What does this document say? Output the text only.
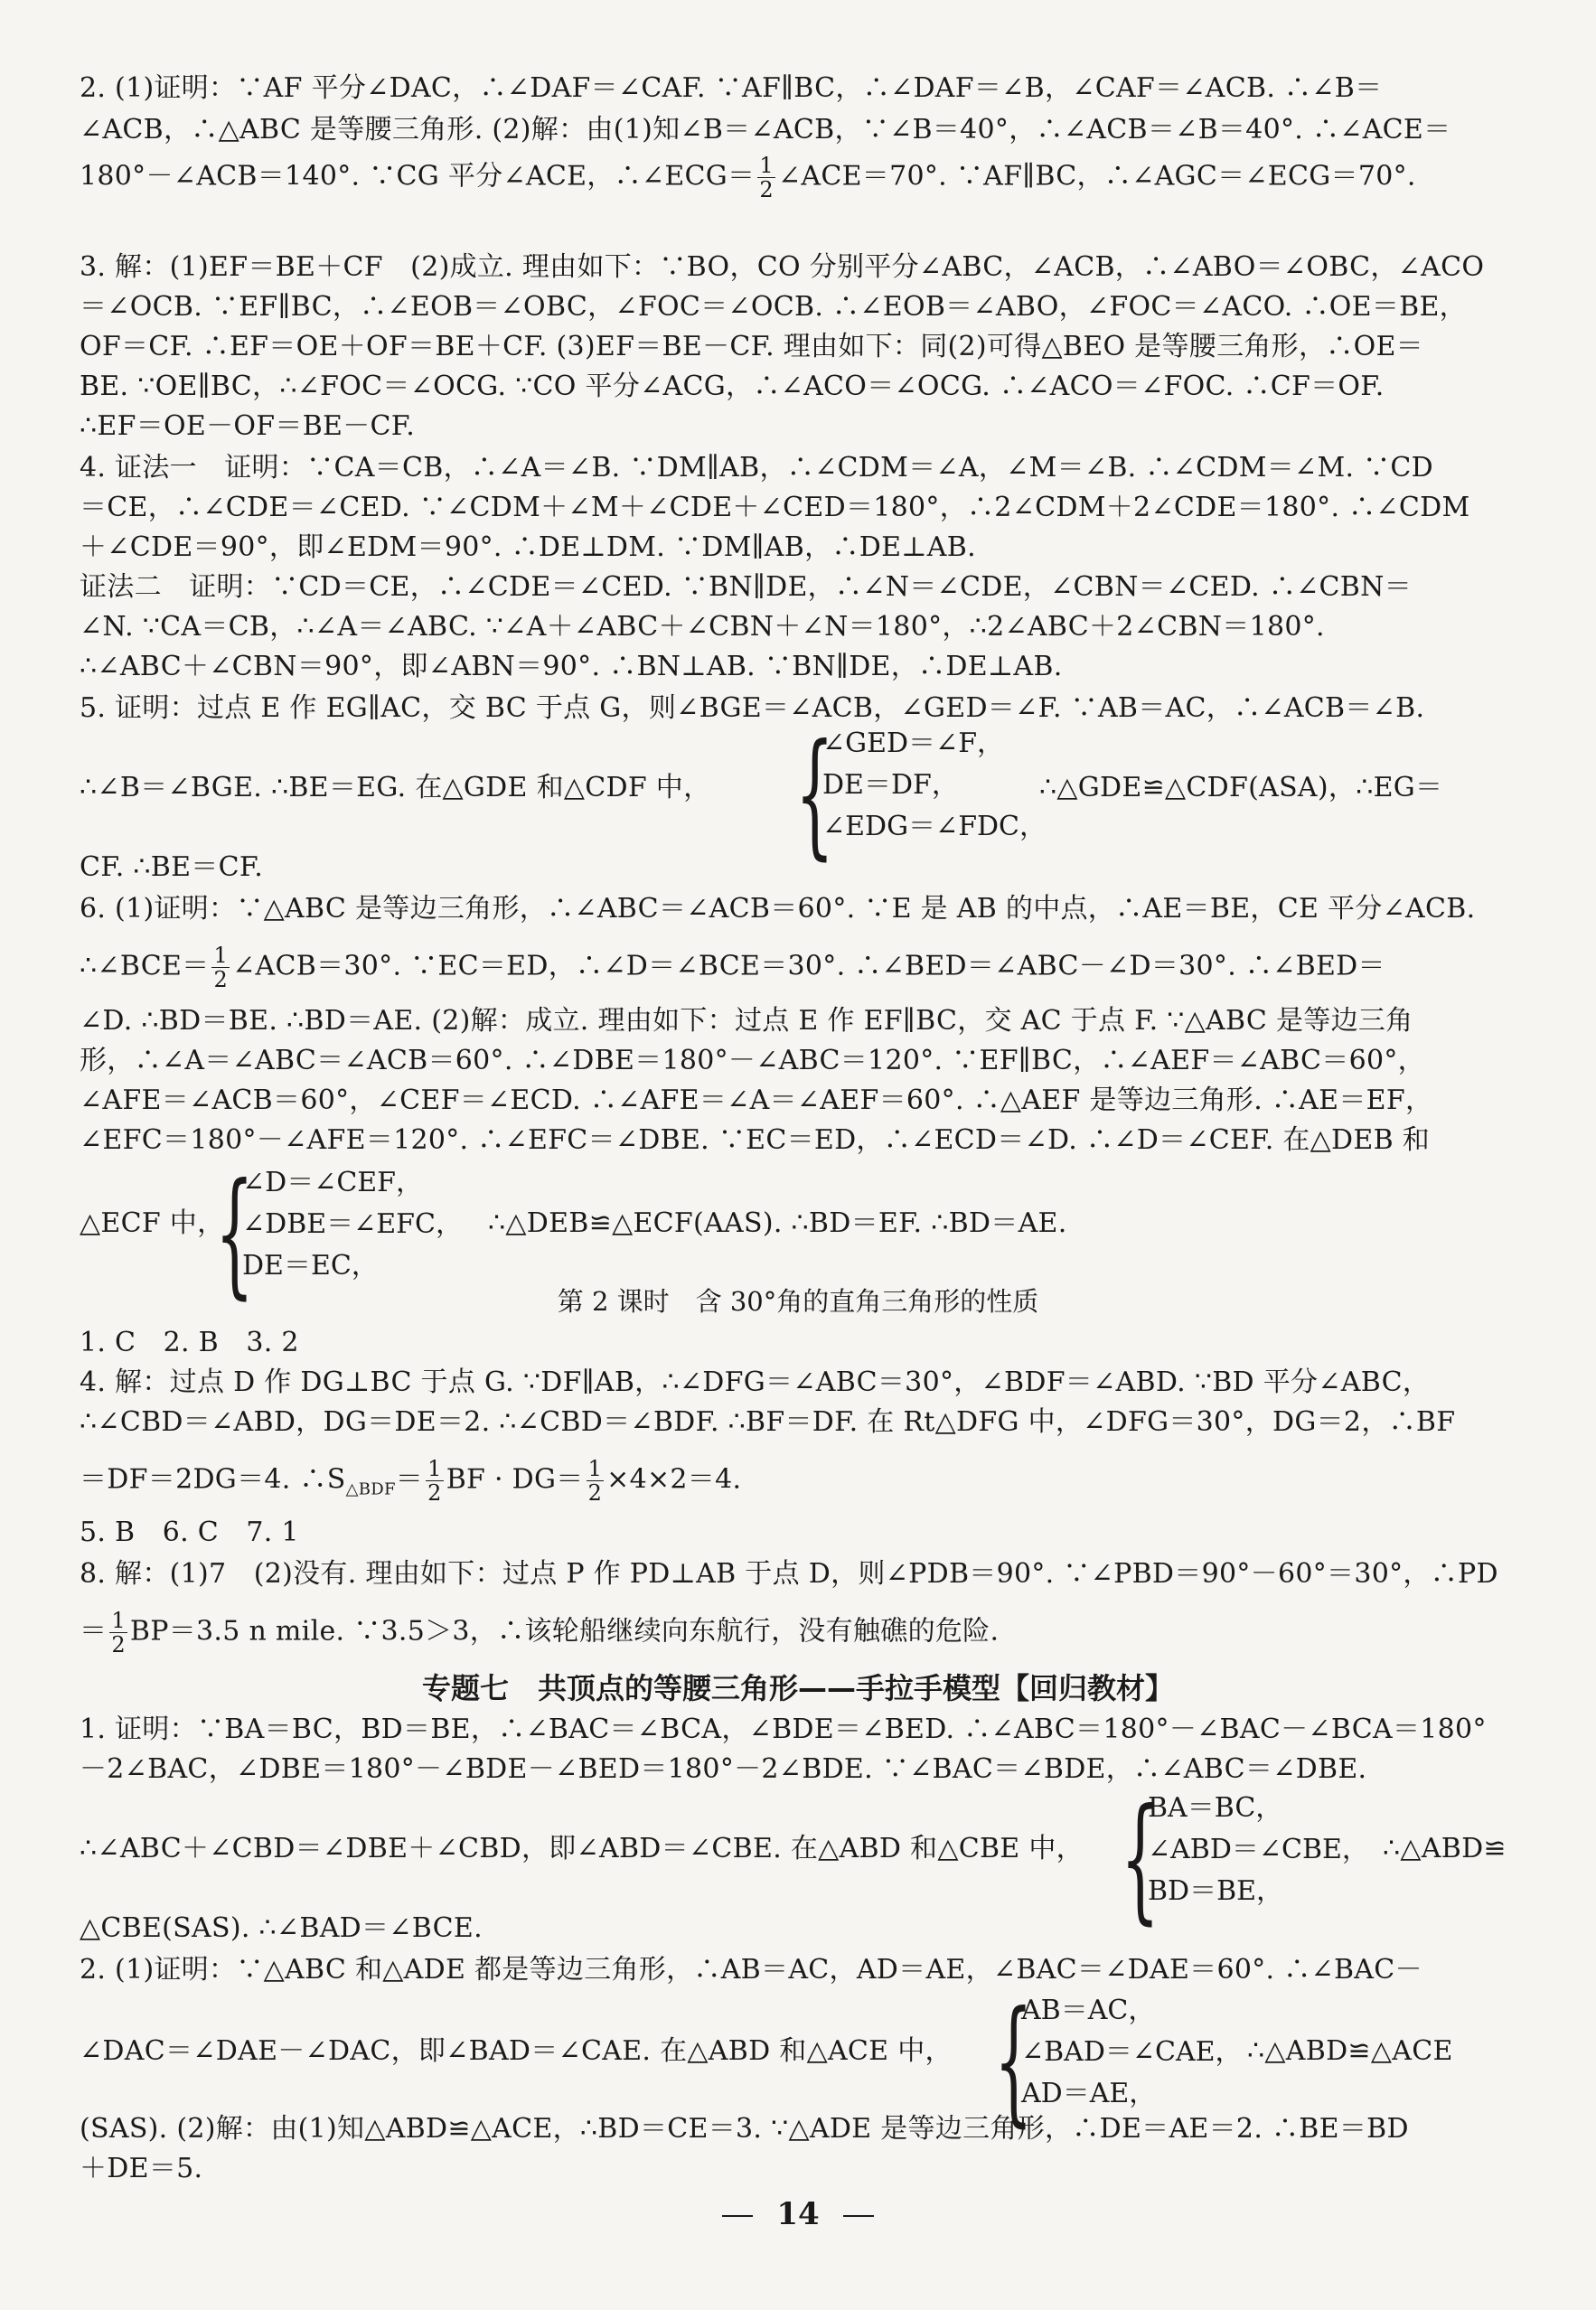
2. (1)证明：∵AF 平分∠DAC，∴∠DAF＝∠CAF. ∵AF∥BC，∴∠DAF＝∠B，∠CAF＝∠ACB. ∴∠B＝
∠ACB，∴△ABC 是等腰三角形. (2)解：由(1)知∠B＝∠ACB，∵∠B＝40°，∴∠ACB＝∠B＝40°. ∴∠ACE＝
180°－∠ACB＝140°. ∵CG 平分∠ACE，∴∠ECG＝ $\frac{1}{2}$ ∠ACE＝70°. ∵AF∥BC，∴∠AGC＝∠ECG＝70°.
3. 解：(1)EF＝BE＋CF　(2)成立. 理由如下：∵BO，CO 分别平分∠ABC，∠ACB，∴∠ABO＝∠OBC，∠ACO
＝∠OCB. ∵EF∥BC，∴∠EOB＝∠OBC，∠FOC＝∠OCB. ∴∠EOB＝∠ABO，∠FOC＝∠ACO. ∴OE＝BE，
OF＝CF. ∴EF＝OE＋OF＝BE＋CF. (3)EF＝BE－CF. 理由如下：同(2)可得△BEO 是等腰三角形，∴OE＝
BE. ∵OE∥BC，∴∠FOC＝∠OCG. ∵CO 平分∠ACG，∴∠ACO＝∠OCG. ∴∠ACO＝∠FOC. ∴CF＝OF.
∴EF＝OE－OF＝BE－CF.
4. 证法一　证明：∵CA＝CB，∴∠A＝∠B. ∵DM∥AB，∴∠CDM＝∠A，∠M＝∠B. ∴∠CDM＝∠M. ∵CD
＝CE，∴∠CDE＝∠CED. ∵∠CDM＋∠M＋∠CDE＋∠CED＝180°，∴2∠CDM＋2∠CDE＝180°. ∴∠CDM
＋∠CDE＝90°，即∠EDM＝90°. ∴DE⊥DM. ∵DM∥AB，∴DE⊥AB.
证法二　证明：∵CD＝CE，∴∠CDE＝∠CED. ∵BN∥DE，∴∠N＝∠CDE，∠CBN＝∠CED. ∴∠CBN＝
∠N. ∵CA＝CB，∴∠A＝∠ABC. ∵∠A＋∠ABC＋∠CBN＋∠N＝180°，∴2∠ABC＋2∠CBN＝180°.
∴∠ABC＋∠CBN＝90°，即∠ABN＝90°. ∴BN⊥AB. ∵BN∥DE，∴DE⊥AB.
5. 证明：过点 E 作 EG∥AC，交 BC 于点 G，则∠BGE＝∠ACB，∠GED＝∠F. ∵AB＝AC，∴∠ACB＝∠B.
∴∠B＝∠BGE. ∴BE＝EG. 在△GDE 和△CDF 中， {
∠GED＝∠F，
DE＝DF，
∠EDG＝∠FDC，
∴△GDE≌△CDF(ASA)，∴EG＝
CF. ∴BE＝CF.
6. (1)证明：∵△ABC 是等边三角形，∴∠ABC＝∠ACB＝60°. ∵E 是 AB 的中点，∴AE＝BE，CE 平分∠ACB.
∴∠BCE＝ $\frac{1}{2}$ ∠ACB＝30°. ∵EC＝ED，∴∠D＝∠BCE＝30°. ∴∠BED＝∠ABC－∠D＝30°. ∴∠BED＝
∠D. ∴BD＝BE. ∴BD＝AE. (2)解：成立. 理由如下：过点 E 作 EF∥BC，交 AC 于点 F. ∵△ABC 是等边三角
形，∴∠A＝∠ABC＝∠ACB＝60°. ∴∠DBE＝180°－∠ABC＝120°. ∵EF∥BC，∴∠AEF＝∠ABC＝60°，
∠AFE＝∠ACB＝60°，∠CEF＝∠ECD. ∴∠AFE＝∠A＝∠AEF＝60°. ∴△AEF 是等边三角形. ∴AE＝EF，
∠EFC＝180°－∠AFE＝120°. ∴∠EFC＝∠DBE. ∵EC＝ED，∴∠ECD＝∠D. ∴∠D＝∠CEF. 在△DEB 和
△ECF 中，
{
∠D＝∠CEF，
∠DBE＝∠EFC，
DE＝EC，
∴△DEB≌△ECF(AAS). ∴BD＝EF. ∴BD＝AE.
第 2 课时　含 30°角的直角三角形的性质
1. C　2. B　3. 2
4. 解：过点 D 作 DG⊥BC 于点 G. ∵DF∥AB，∴∠DFG＝∠ABC＝30°，∠BDF＝∠ABD. ∵BD 平分∠ABC，
∴∠CBD＝∠ABD，DG＝DE＝2. ∴∠CBD＝∠BDF. ∴BF＝DF. 在 Rt△DFG 中，∠DFG＝30°，DG＝2，∴BF
＝DF＝2DG＝4. $\therefore S_{\triangle BDF}= \frac{1}{2}$ BF · $DG= \frac{1}{2} \times 4\times 2=4$.
5. B　6. C　7. 1
8. 解：(1)7　(2)没有. 理由如下：过点 P 作 PD⊥AB 于点 D，则∠PDB＝90°. ∵∠PBD＝90°－60°＝30°，∴PD
＝ $\frac{1}{2} BP=3.5$ n mile. ∵3.5＞3，∴该轮船继续向东航行，没有触礁的危险.
专题七　共顶点的等腰三角形——手拉手模型【回归教材】
1. 证明：∵BA＝BC，BD＝BE，∴∠BAC＝∠BCA，∠BDE＝∠BED. ∴∠ABC＝180°－∠BAC－∠BCA＝180°
－2∠BAC，∠DBE＝180°－∠BDE－∠BED＝180°－2∠BDE. ∵∠BAC＝∠BDE，∴∠ABC＝∠DBE.
∴∠ABC＋∠CBD＝∠DBE＋∠CBD，即∠ABD＝∠CBE. 在△ABD 和△CBE 中， {
BA＝BC，
∠ABD＝∠CBE，
BD＝BE，
∴△ABD≌
△CBE(SAS). ∴∠BAD＝∠BCE.
2. (1)证明：∵△ABC 和△ADE 都是等边三角形，∴AB＝AC，AD＝AE，∠BAC＝∠DAE＝60°. ∴∠BAC－
∠DAC＝∠DAE－∠DAC，即∠BAD＝∠CAE. 在△ABD 和△ACE 中， {
AB＝AC，
∠BAD＝∠CAE，
AD＝AE，
∴△ABD≌△ACE
(SAS). (2)解：由(1)知△ABD≌△ACE，∴BD＝CE＝3. ∵△ADE 是等边三角形，∴DE＝AE＝2. ∴BE＝BD
＋DE＝5.
14
